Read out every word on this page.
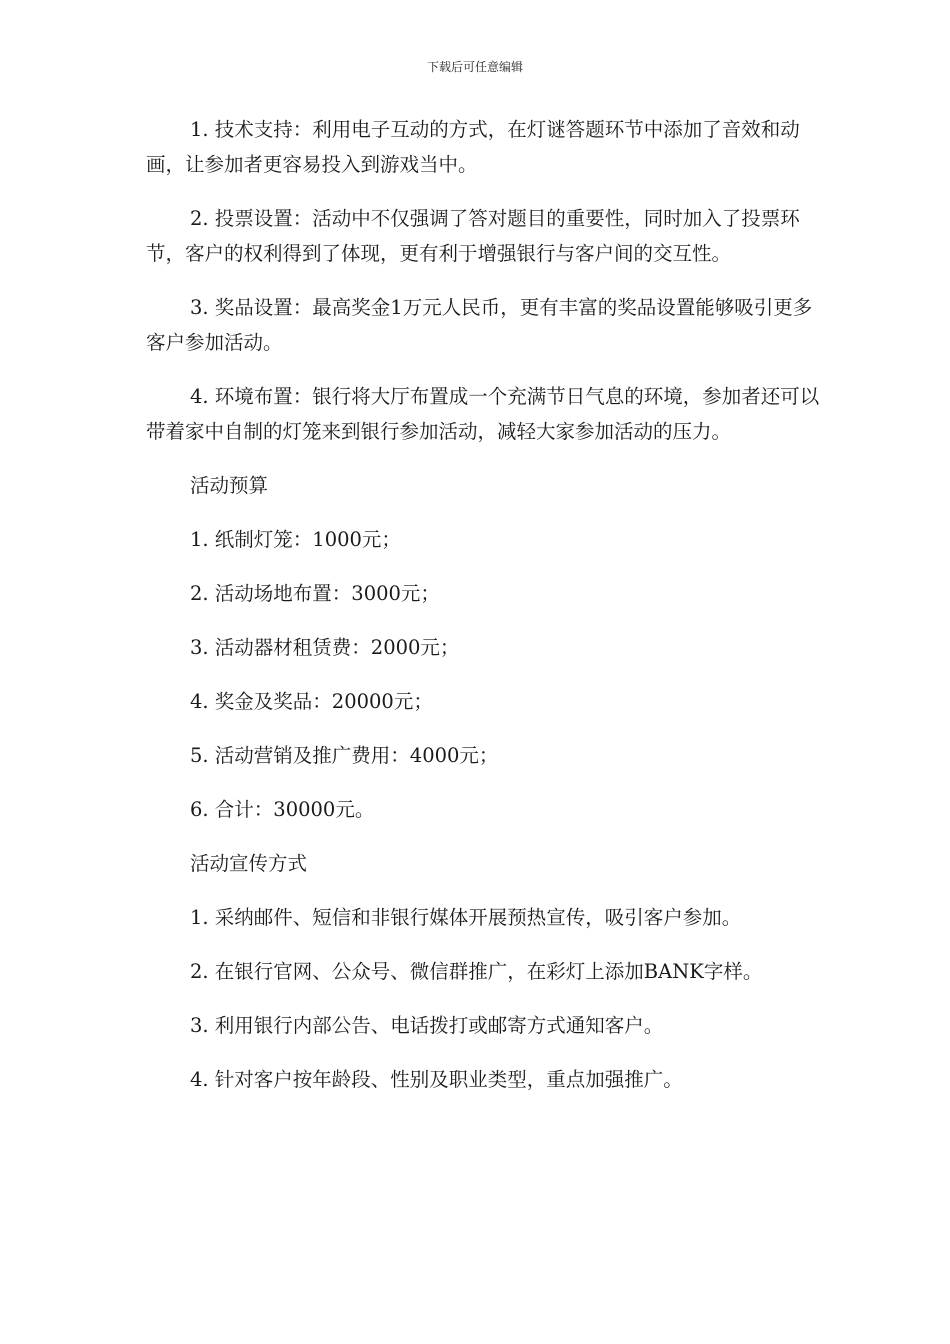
下载后可任意编辑

1. 技术支持：利用电子互动的方式，在灯谜答题环节中添加了音效和动画，让参加者更容易投入到游戏当中。

2. 投票设置：活动中不仅强调了答对题目的重要性，同时加入了投票环节，客户的权利得到了体现，更有利于增强银行与客户间的交互性。

3. 奖品设置：最高奖金1万元人民币，更有丰富的奖品设置能够吸引更多客户参加活动。

4. 环境布置：银行将大厅布置成一个充满节日气息的环境，参加者还可以带着家中自制的灯笼来到银行参加活动，减轻大家参加活动的压力。

活动预算

1. 纸制灯笼：1000元；

2. 活动场地布置：3000元；

3. 活动器材租赁费：2000元；

4. 奖金及奖品：20000元；

5. 活动营销及推广费用：4000元；

6. 合计：30000元。

活动宣传方式

1. 采纳邮件、短信和非银行媒体开展预热宣传，吸引客户参加。

2. 在银行官网、公众号、微信群推广，在彩灯上添加BANK字样。

3. 利用银行内部公告、电话拨打或邮寄方式通知客户。

4. 针对客户按年龄段、性别及职业类型，重点加强推广。
